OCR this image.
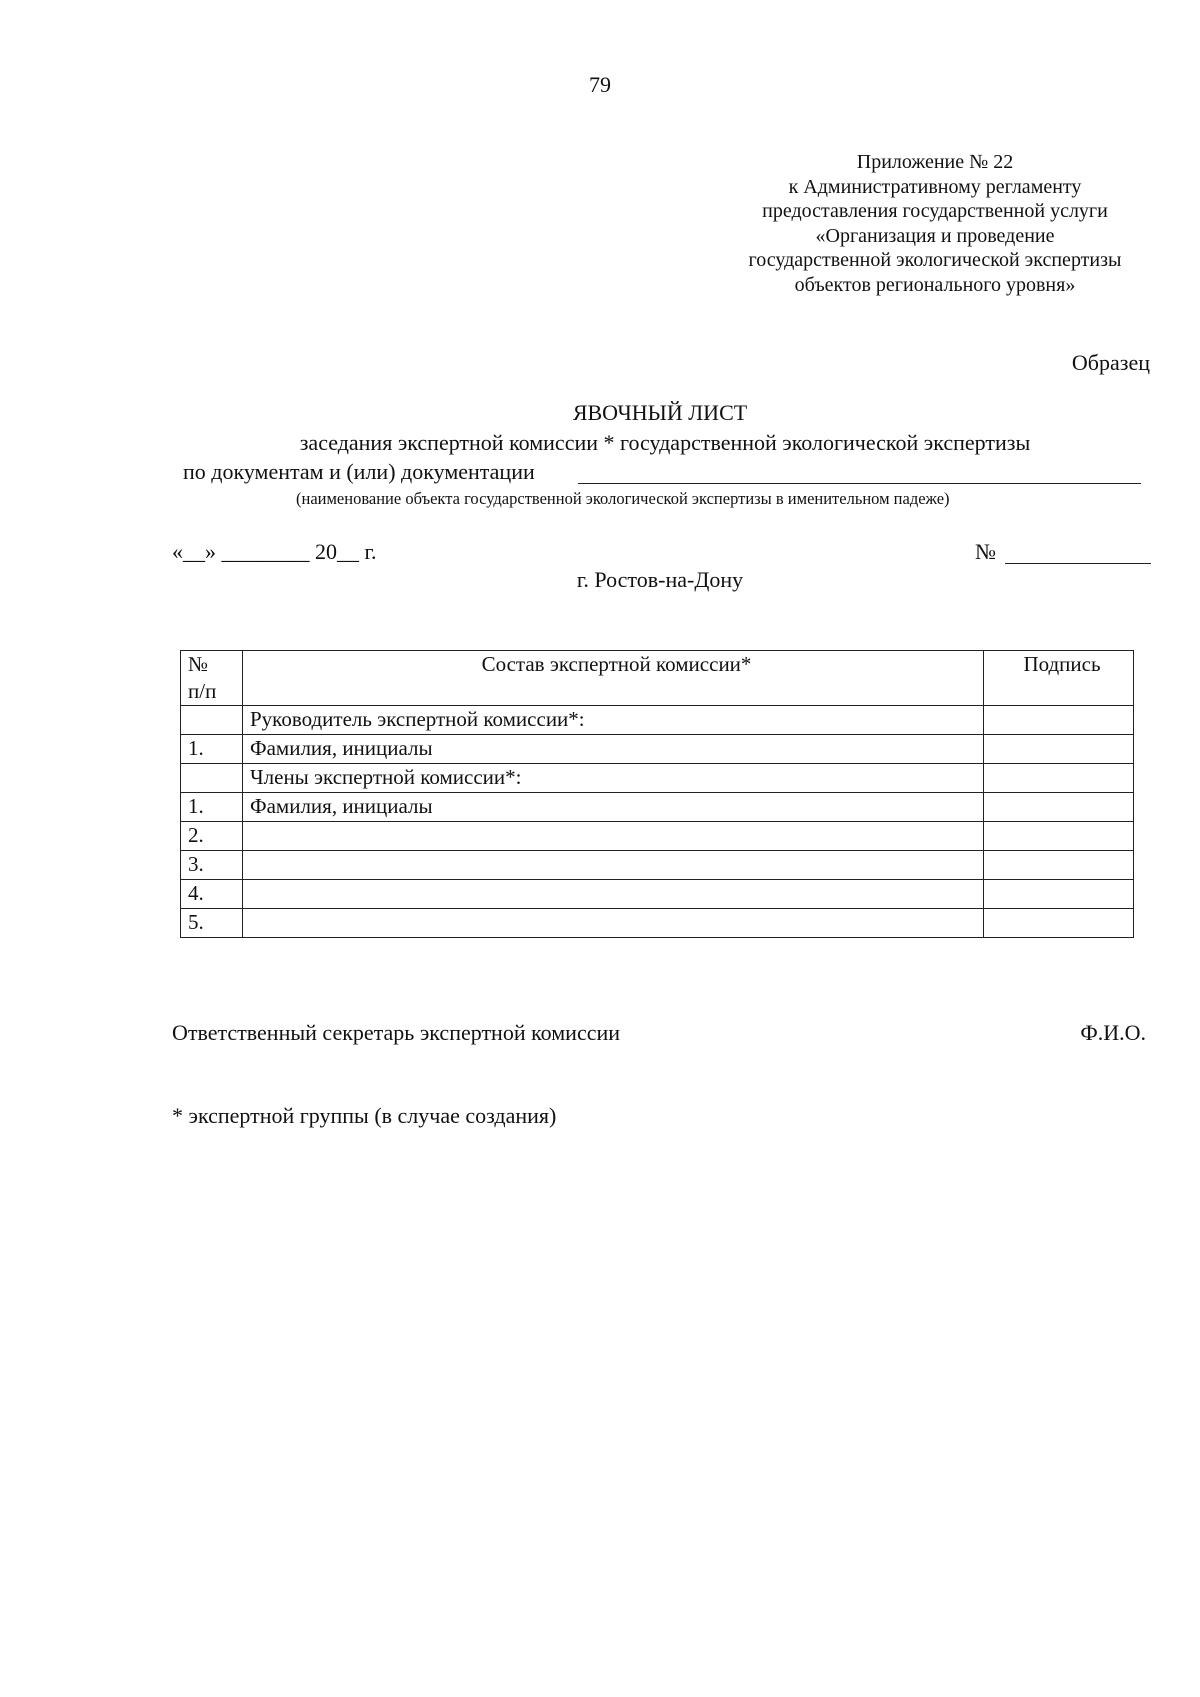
79
Приложение № 22
к Административному регламенту
предоставления государственной услуги
«Организация и проведение
государственной экологической экспертизы
объектов регионального уровня»
Образец
ЯВОЧНЫЙ ЛИСТ
заседания экспертной комиссии * государственной экологической экспертизы
по документам и (или) документации
(наименование объекта государственной экологической экспертизы в именительном падеже)
«__» ________ 20__ г.	№
г. Ростов-на-Дону
№
п/п	Состав экспертной комиссии*	Подпись
	Руководитель экспертной комиссии*:	
1.	Фамилия, инициалы	
	Члены экспертной комиссии*:	
1.	Фамилия, инициалы	
2.		
3.		
4.		
5.		
Ответственный секретарь экспертной комиссии	Ф.И.О.
* экспертной группы (в случае создания)
